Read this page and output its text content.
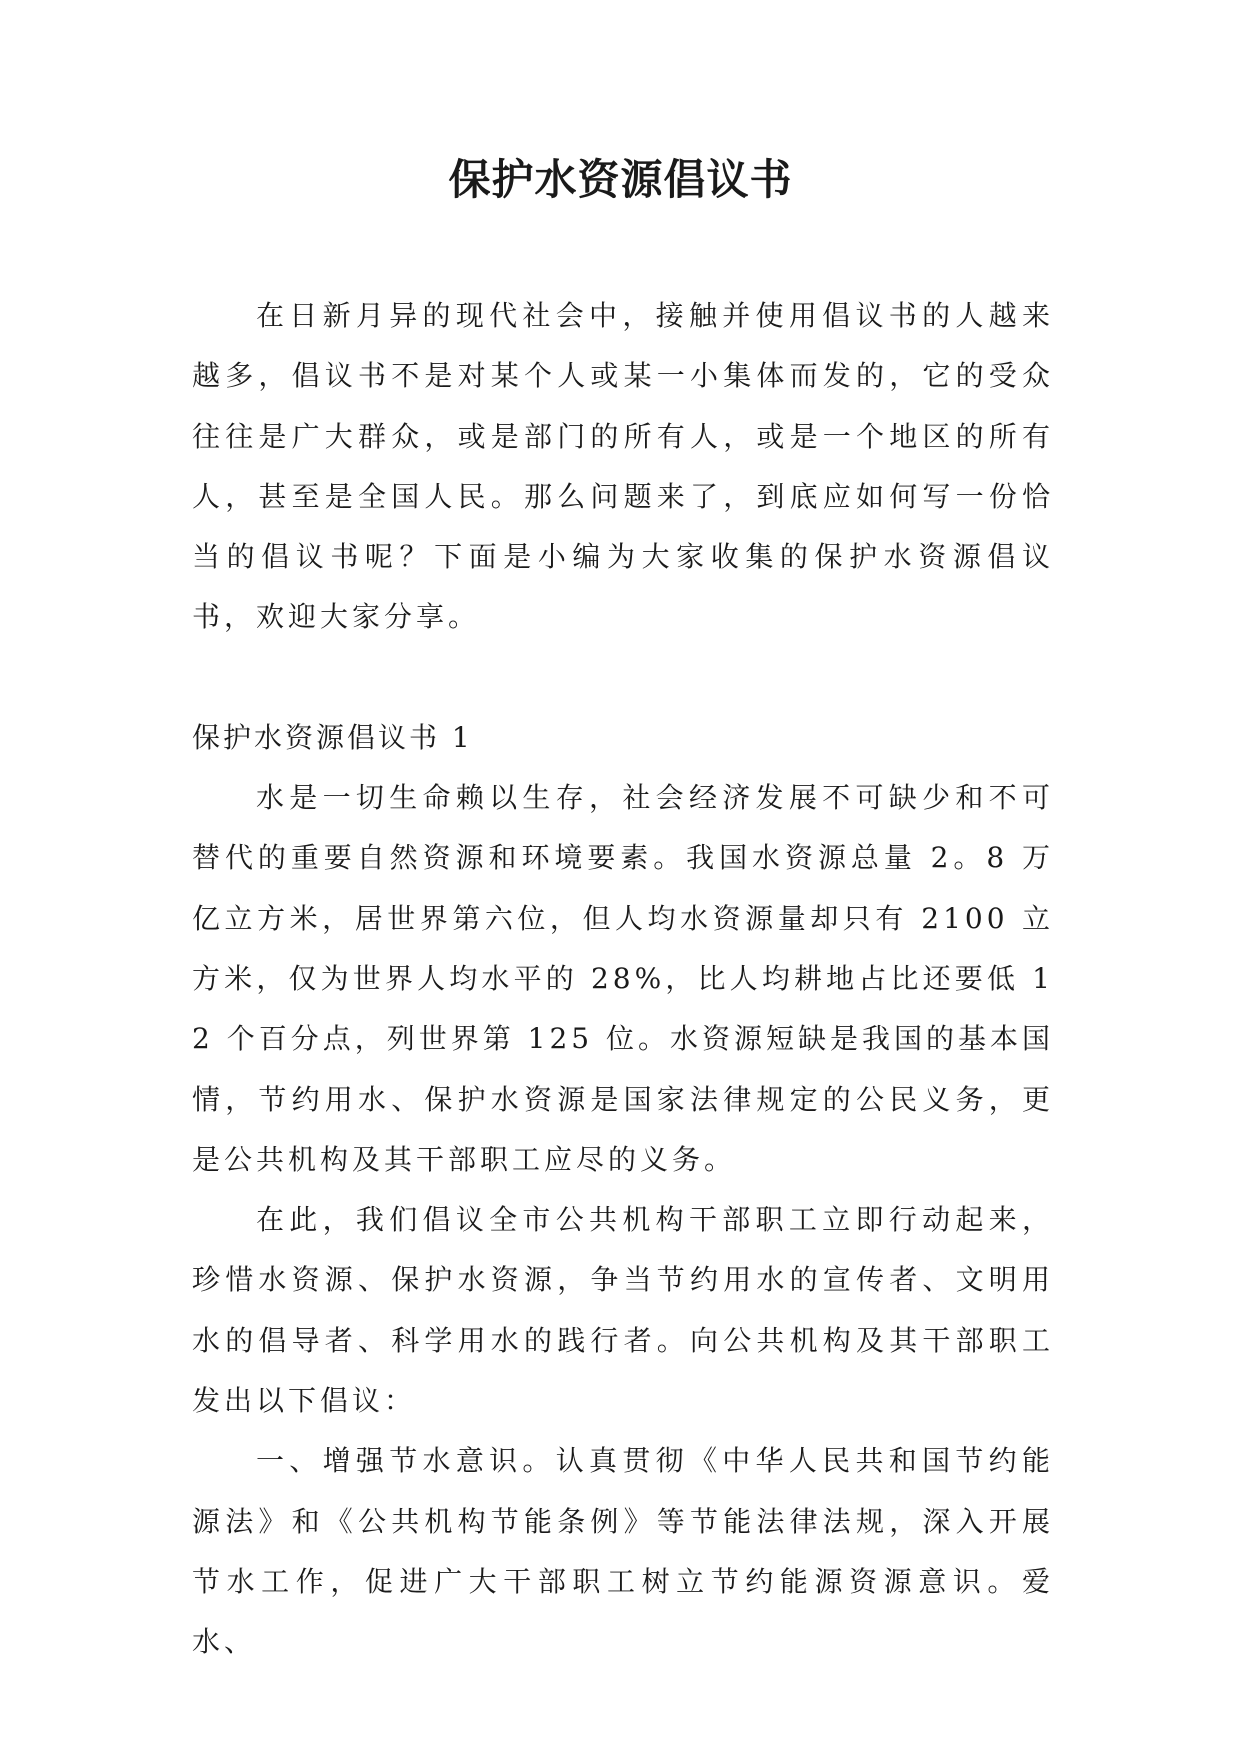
保护水资源倡议书

在日新月异的现代社会中，接触并使用倡议书的人越来越多，倡议书不是对某个人或某一小集体而发的，它的受众往往是广大群众，或是部门的所有人，或是一个地区的所有人，甚至是全国人民。那么问题来了，到底应如何写一份恰当的倡议书呢？下面是小编为大家收集的保护水资源倡议书，欢迎大家分享。

保护水资源倡议书 1

水是一切生命赖以生存，社会经济发展不可缺少和不可替代的重要自然资源和环境要素。我国水资源总量 2。8 万亿立方米，居世界第六位，但人均水资源量却只有 2100 立方米，仅为世界人均水平的 28%，比人均耕地占比还要低 12 个百分点，列世界第 125 位。水资源短缺是我国的基本国情，节约用水、保护水资源是国家法律规定的公民义务，更是公共机构及其干部职工应尽的义务。

在此，我们倡议全市公共机构干部职工立即行动起来，珍惜水资源、保护水资源，争当节约用水的宣传者、文明用水的倡导者、科学用水的践行者。向公共机构及其干部职工发出以下倡议：

一、增强节水意识。认真贯彻《中华人民共和国节约能源法》和《公共机构节能条例》等节能法律法规，深入开展节水工作，促进广大干部职工树立节约能源资源意识。爱水、
